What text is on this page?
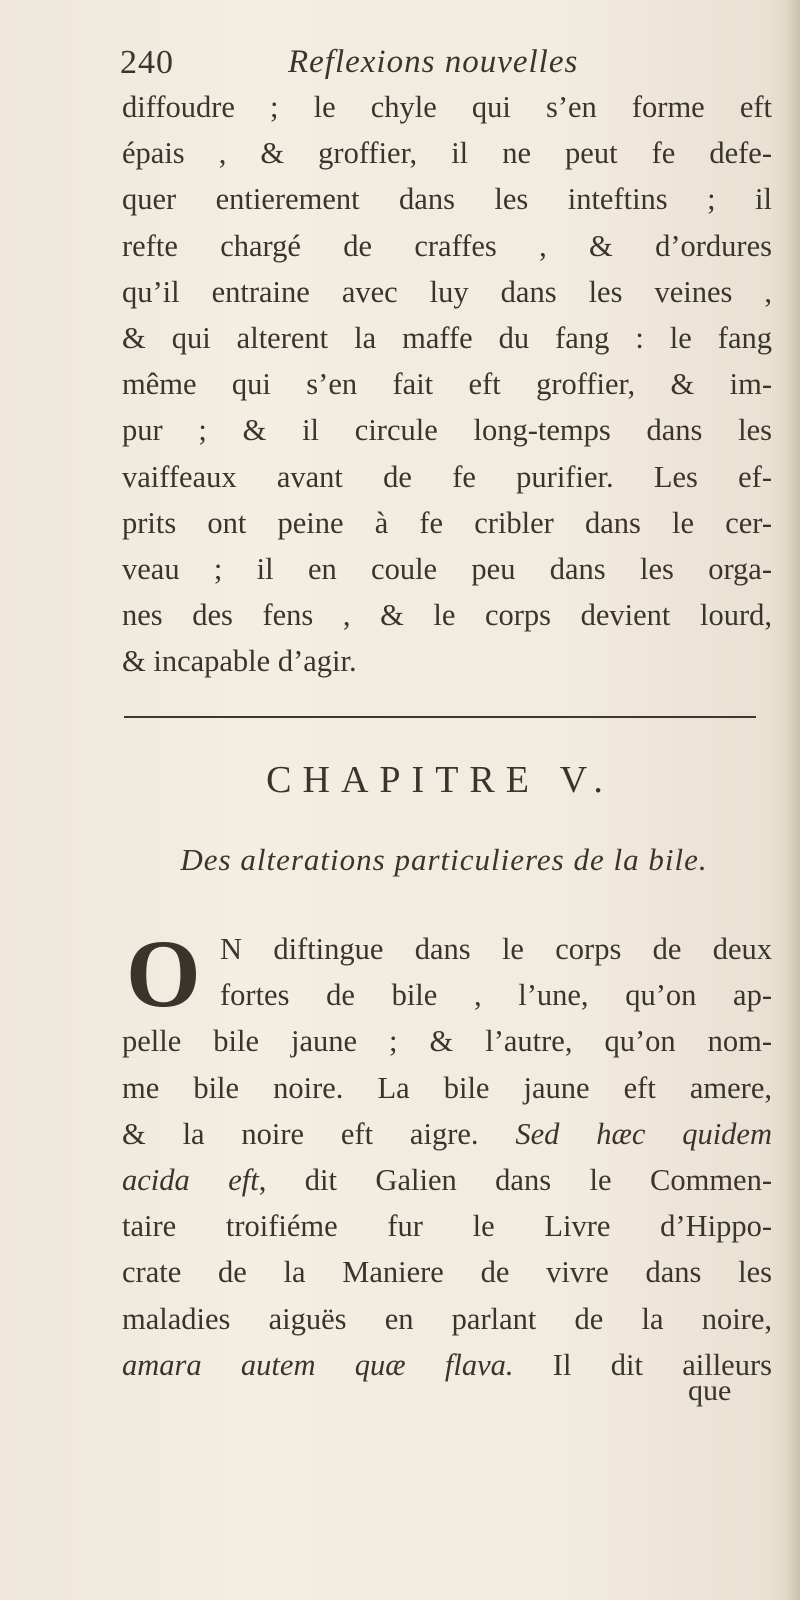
240	Reflexions nouvelles
diffoudre ; le chyle qui s’en forme eft
épais , & groffier, il ne peut fe defe-
quer entierement dans les inteftins ; il
refte chargé de craffes , & d’ordures
qu’il entraine avec luy dans les veines ,
& qui alterent la maffe du fang : le fang
même qui s’en fait eft groffier, & im-
pur ; & il circule long-temps dans les
vaiffeaux avant de fe purifier. Les ef-
prits ont peine à fe cribler dans le cer-
veau ; il en coule peu dans les orga-
nes des fens , & le corps devient lourd,
& incapable d’agir.
CHAPITRE V.
Des alterations particulieres de la bile.
O N diftingue dans le corps de deux
fortes de bile , l’une, qu’on ap-
pelle bile jaune ; & l’autre, qu’on nom-
me bile noire. La bile jaune eft amere,
& la noire eft aigre. Sed hæc quidem
acida eft, dit Galien dans le Commen-
taire troifiéme fur le Livre d’Hippo-
crate de la Maniere de vivre dans les
maladies aiguës en parlant de la noire,
amara autem quæ flava. Il dit ailleurs
que
